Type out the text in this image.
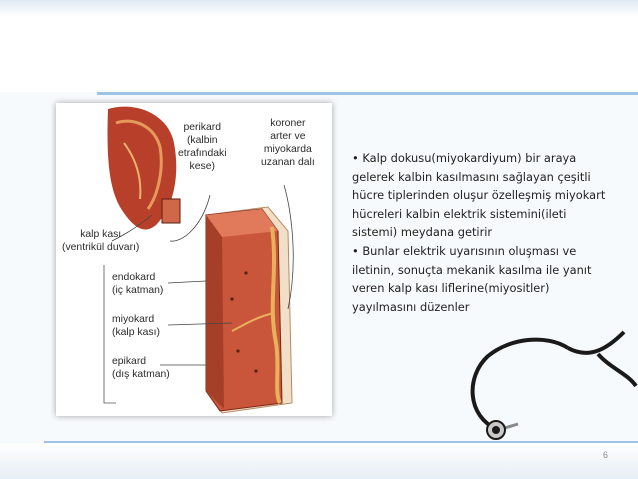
perikard
(kalbin
etrafındaki
kese)
koroner
arter ve
miyokarda
uzanan dalı
kalp kası
(ventrikül duvarı)
endokard
(iç katman)
miyokard
(kalp kası)
epikard
(dış katman)

• Kalp dokusu(miyokardiyum) bir araya gelerek kalbin kasılmasını sağlayan çeşitli hücre tiplerinden oluşur özelleşmiş miyokart hücreleri kalbin elektrik sistemini(ileti sistemi) meydana getirir

• Bunlar elektrik uyarısının oluşması ve iletinin, sonuçta mekanik kasılma ile yanıt veren kalp kası liflerine(miyositler) yayılmasını düzenler

6
